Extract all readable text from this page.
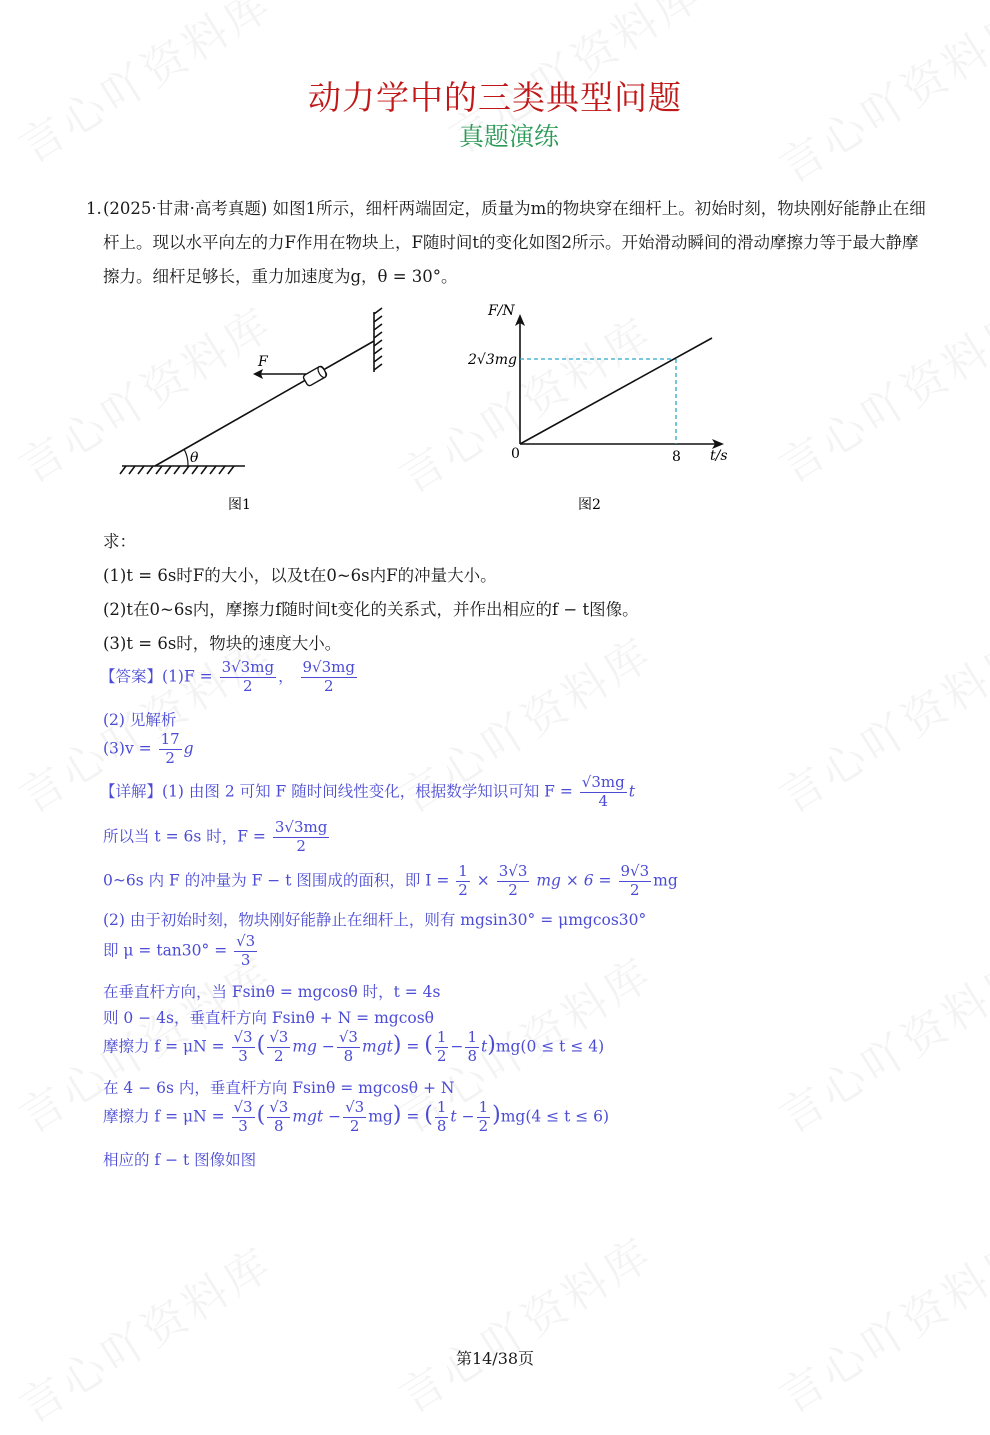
动力学中的三类典型问题
真题演练
1. (2025·甘肃·高考真题) 如图1所示，细杆两端固定，质量为m的物块穿在细杆上。初始时刻，物块刚好能静止在细杆上。现以水平向左的力F作用在物块上，F随时间t的变化如图2所示。开始滑动瞬间的滑动摩擦力等于最大静摩擦力。细杆足够长，重力加速度为g，θ = 30°。
θ
F
图1
F/N
t/s
0	8
2√3mg
图2
求：
(1)t = 6s时F的大小，以及t在0~6s内F的冲量大小。
(2)t在0~6s内，摩擦力f随时间t变化的关系式，并作出相应的f − t图像。
(3)t = 6s时，物块的速度大小。
【答案】$(1)F = \frac{3√3mg}{2}$ ， $\frac{9√3mg}{2}$
(2) 见解析
$(3)v = \frac{17}{2}$ g
【详解】(1) 由图 2 可知 F 随时间线性变化，根据数学知识可知 $F = \frac{√3mg}{4}$ t
所以当 t = 6s 时，$F = \frac{3√3mg}{2}$
0~6s 内 F 的冲量为 F − t 图围成的面积，即 $I = \frac{1}{2} \times \frac{3√3}{2}$ mg × $6 = \frac{9√3}{2}$ mg
(2) 由于初始时刻，物块刚好能静止在细杆上，则有 mgsin30° = μmgcos30°
即 $\mu = \tan 30^\circ = \frac{√3}{3}$
在垂直杆方向，当 Fsinθ = mgcosθ 时，t = 4s
则 0 − 4s，垂直杆方向 Fsinθ + N = mgcosθ
摩擦力 $f = \mu N = \frac{√3}{3}$ ( $\frac{√3}{2}$ mg − $\frac{√3}{8} mgt$) = ( $\frac{1}{2} - \frac{1}{8} t)mg(0 \le t \le 4)$
在 4 − 6s 内，垂直杆方向 Fsinθ = mgcosθ + N
摩擦力 $f = \mu N = \frac{√3}{3}$ ( $\frac{√3}{8}$ mgt − $\frac{√3}{2} mg$) = ( $\frac{1}{8}$ $t - \frac{1}{2} )mg(4 \le t \le 6)$
相应的 f − t 图像如图
第14/38页
